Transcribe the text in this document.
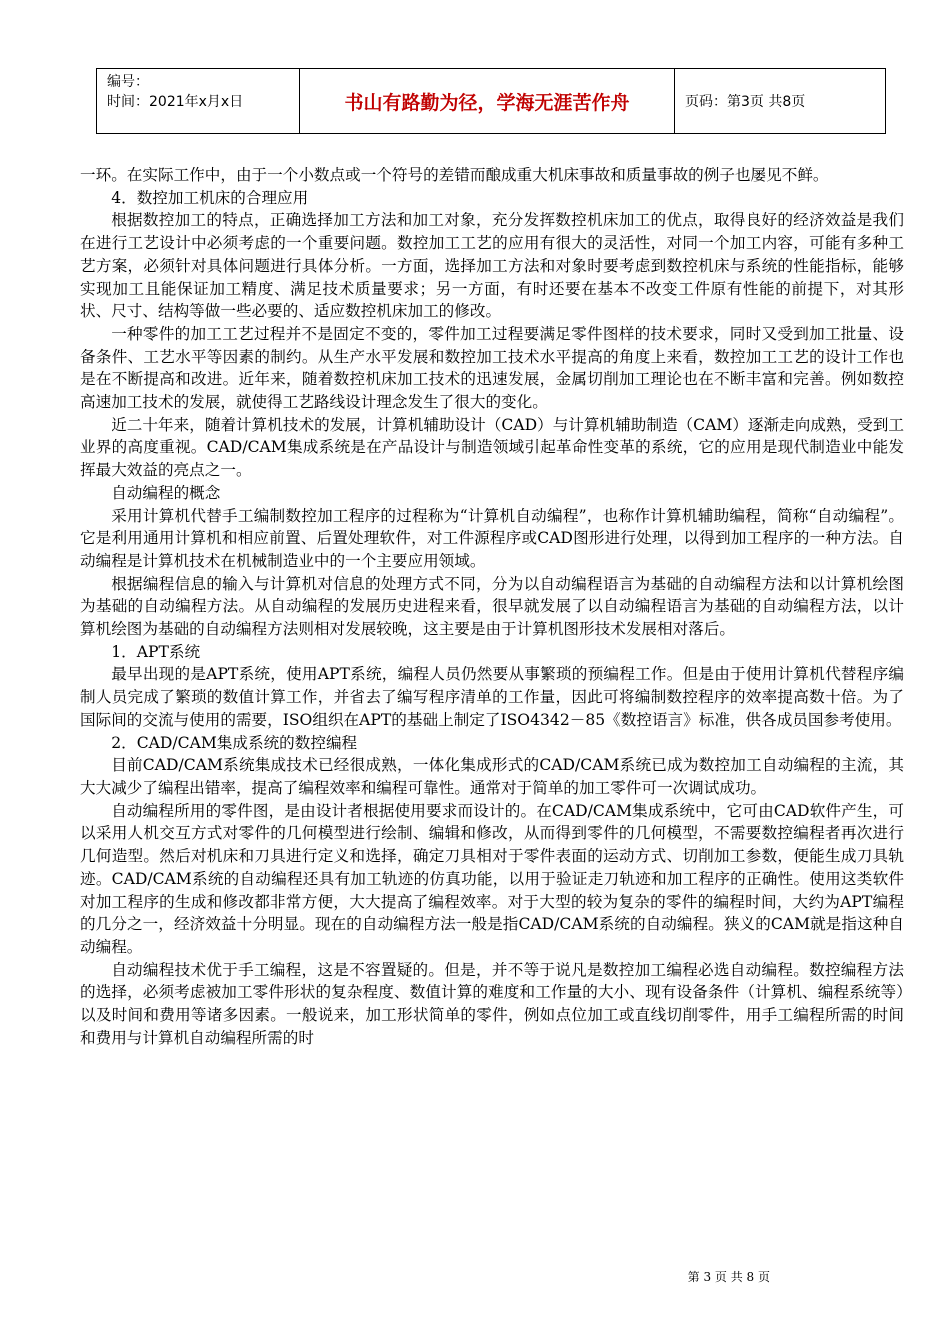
编号：
时间：2021年x月x日	书山有路勤为径，学海无涯苦作舟	页码：第3页 共8页

一环。在实际工作中，由于一个小数点或一个符号的差错而酿成重大机床事故和质量事故的例子也屡见不鲜。

4．数控加工机床的合理应用

根据数控加工的特点，正确选择加工方法和加工对象，充分发挥数控机床加工的优点，取得良好的经济效益是我们在进行工艺设计中必须考虑的一个重要问题。数控加工工艺的应用有很大的灵活性，对同一个加工内容，可能有多种工艺方案，必须针对具体问题进行具体分析。一方面，选择加工方法和对象时要考虑到数控机床与系统的性能指标，能够实现加工且能保证加工精度、满足技术质量要求；另一方面，有时还要在基本不改变工件原有性能的前提下，对其形状、尺寸、结构等做一些必要的、适应数控机床加工的修改。

一种零件的加工工艺过程并不是固定不变的，零件加工过程要满足零件图样的技术要求，同时又受到加工批量、设备条件、工艺水平等因素的制约。从生产水平发展和数控加工技术水平提高的角度上来看，数控加工工艺的设计工作也是在不断提高和改进。近年来，随着数控机床加工技术的迅速发展，金属切削加工理论也在不断丰富和完善。例如数控高速加工技术的发展，就使得工艺路线设计理念发生了很大的变化。

近二十年来，随着计算机技术的发展，计算机辅助设计（CAD）与计算机辅助制造（CAM）逐渐走向成熟，受到工业界的高度重视。CAD/CAM集成系统是在产品设计与制造领域引起革命性变革的系统，它的应用是现代制造业中能发挥最大效益的亮点之一。

自动编程的概念

采用计算机代替手工编制数控加工程序的过程称为“计算机自动编程”，也称作计算机辅助编程，简称“自动编程”。它是利用通用计算机和相应前置、后置处理软件，对工件源程序或CAD图形进行处理，以得到加工程序的一种方法。自动编程是计算机技术在机械制造业中的一个主要应用领域。

根据编程信息的输入与计算机对信息的处理方式不同，分为以自动编程语言为基础的自动编程方法和以计算机绘图为基础的自动编程方法。从自动编程的发展历史进程来看，很早就发展了以自动编程语言为基础的自动编程方法，以计算机绘图为基础的自动编程方法则相对发展较晚，这主要是由于计算机图形技术发展相对落后。

1．APT系统

最早出现的是APT系统，使用APT系统，编程人员仍然要从事繁琐的预编程工作。但是由于使用计算机代替程序编制人员完成了繁琐的数值计算工作，并省去了编写程序清单的工作量，因此可将编制数控程序的效率提高数十倍。为了国际间的交流与使用的需要，ISO组织在APT的基础上制定了ISO4342－85《数控语言》标准，供各成员国参考使用。

2．CAD/CAM集成系统的数控编程

目前CAD/CAM系统集成技术已经很成熟，一体化集成形式的CAD/CAM系统已成为数控加工自动编程的主流，其大大减少了编程出错率，提高了编程效率和编程可靠性。通常对于简单的加工零件可一次调试成功。

自动编程所用的零件图，是由设计者根据使用要求而设计的。在CAD/CAM集成系统中，它可由CAD软件产生，可以采用人机交互方式对零件的几何模型进行绘制、编辑和修改，从而得到零件的几何模型，不需要数控编程者再次进行几何造型。然后对机床和刀具进行定义和选择，确定刀具相对于零件表面的运动方式、切削加工参数，便能生成刀具轨迹。CAD/CAM系统的自动编程还具有加工轨迹的仿真功能，以用于验证走刀轨迹和加工程序的正确性。使用这类软件对加工程序的生成和修改都非常方便，大大提高了编程效率。对于大型的较为复杂的零件的编程时间，大约为APT编程的几分之一，经济效益十分明显。现在的自动编程方法一般是指CAD/CAM系统的自动编程。狭义的CAM就是指这种自动编程。

自动编程技术优于手工编程，这是不容置疑的。但是，并不等于说凡是数控加工编程必选自动编程。数控编程方法的选择，必须考虑被加工零件形状的复杂程度、数值计算的难度和工作量的大小、现有设备条件（计算机、编程系统等）以及时间和费用等诸多因素。一般说来，加工形状简单的零件，例如点位加工或直线切削零件，用手工编程所需的时间和费用与计算机自动编程所需的时

第 3 页 共 8 页
